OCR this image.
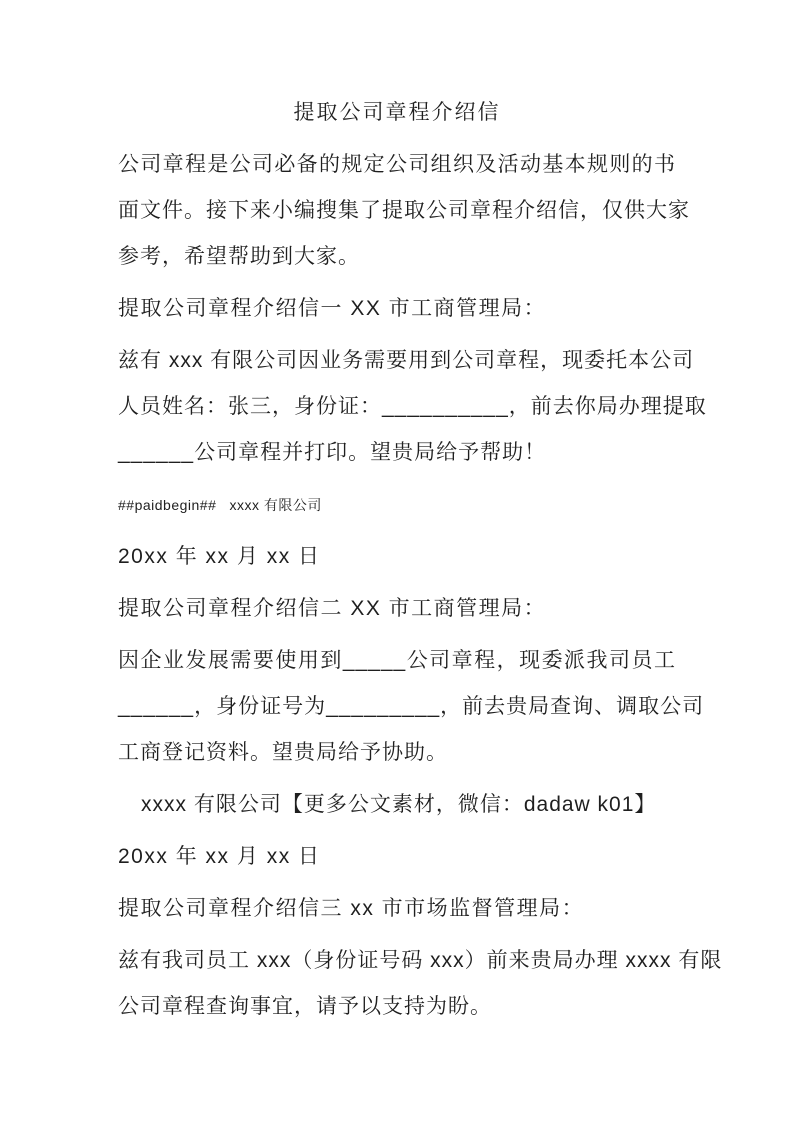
提取公司章程介绍信
公司章程是公司必备的规定公司组织及活动基本规则的书
面文件。接下来小编搜集了提取公司章程介绍信，仅供大家
参考，希望帮助到大家。
提取公司章程介绍信一 XX 市工商管理局：
兹有 xxx 有限公司因业务需要用到公司章程，现委托本公司
人员姓名：张三，身份证：__________，前去你局办理提取
______公司章程并打印。望贵局给予帮助！
##paidbegin##   xxxx 有限公司
20xx 年 xx 月 xx 日
提取公司章程介绍信二 XX 市工商管理局：
因企业发展需要使用到_____公司章程，现委派我司员工
______，身份证号为_________，前去贵局查询、调取公司
工商登记资料。望贵局给予协助。
xxxx 有限公司【更多公文素材，微信：dadaw k01】
20xx 年 xx 月 xx 日
提取公司章程介绍信三 xx 市市场监督管理局：
兹有我司员工 xxx（身份证号码 xxx）前来贵局办理 xxxx 有限
公司章程查询事宜，请予以支持为盼。
